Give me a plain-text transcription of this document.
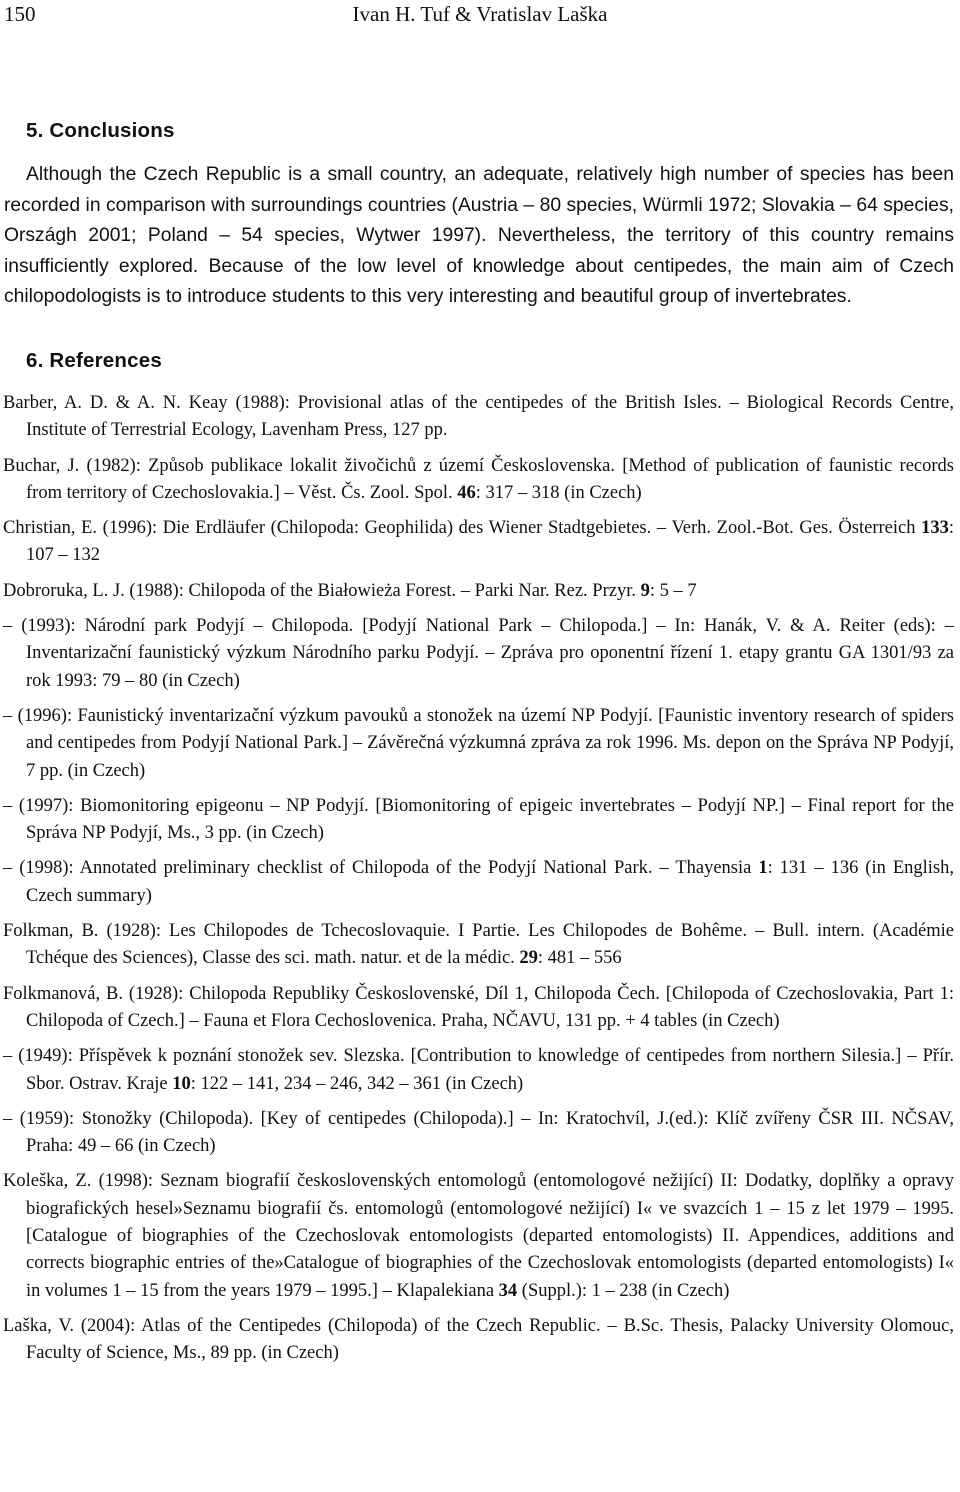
150	Ivan H. Tuf & Vratislav Laška
5. Conclusions

Although the Czech Republic is a small country, an adequate, relatively high number of species has been recorded in comparison with surroundings countries (Austria – 80 species, Würmli 1972; Slovakia – 64 species, Országh 2001; Poland – 54 species, Wytwer 1997). Nevertheless, the territory of this country remains insufficiently explored. Because of the low level of knowledge about centipedes, the main aim of Czech chilopodologists is to introduce students to this very interesting and beautiful group of invertebrates.

6. References

Barber, A. D. & A. N. Keay (1988): Provisional atlas of the centipedes of the British Isles. – Biological Records Centre, Institute of Terrestrial Ecology, Lavenham Press, 127 pp.

Buchar, J. (1982): Způsob publikace lokalit živočichů z území Československa. [Method of publication of faunistic records from territory of Czechoslovakia.] – Věst. Čs. Zool. Spol. 46: 317 – 318 (in Czech)

Christian, E. (1996): Die Erdläufer (Chilopoda: Geophilida) des Wiener Stadtgebietes. – Verh. Zool.-Bot. Ges. Österreich 133: 107 – 132

Dobroruka, L. J. (1988): Chilopoda of the Białowieża Forest. – Parki Nar. Rez. Przyr. 9: 5 – 7

– (1993): Národní park Podyjí – Chilopoda. [Podyjí National Park – Chilopoda.] – In: Hanák, V. & A. Reiter (eds): – Inventarizační faunistický výzkum Národního parku Podyjí. – Zpráva pro oponentní řízení 1. etapy grantu GA 1301/93 za rok 1993: 79 – 80 (in Czech)

– (1996): Faunistický inventarizační výzkum pavouků a stonožek na území NP Podyjí. [Faunistic inventory research of spiders and centipedes from Podyjí National Park.] – Závěrečná výzkumná zpráva za rok 1996. Ms. depon on the Správa NP Podyjí, 7 pp. (in Czech)

– (1997): Biomonitoring epigeonu – NP Podyjí. [Biomonitoring of epigeic invertebrates – Podyjí NP.] – Final report for the Správa NP Podyjí, Ms., 3 pp. (in Czech)

– (1998): Annotated preliminary checklist of Chilopoda of the Podyjí National Park. – Thayensia 1: 131 – 136 (in English, Czech summary)

Folkman, B. (1928): Les Chilopodes de Tchecoslovaquie. I Partie. Les Chilopodes de Bohême. – Bull. intern. (Académie Tchéque des Sciences), Classe des sci. math. natur. et de la médic. 29: 481 – 556

Folkmanová, B. (1928): Chilopoda Republiky Československé, Díl 1, Chilopoda Čech. [Chilopoda of Czechoslovakia, Part 1: Chilopoda of Czech.] – Fauna et Flora Cechoslovenica. Praha, NČAVU, 131 pp. + 4 tables (in Czech)

– (1949): Příspěvek k poznání stonožek sev. Slezska. [Contribution to knowledge of centipedes from northern Silesia.] – Přír. Sbor. Ostrav. Kraje 10: 122 – 141, 234 – 246, 342 – 361 (in Czech)

– (1959): Stonožky (Chilopoda). [Key of centipedes (Chilopoda).] – In: Kratochvíl, J.(ed.): Klíč zvířeny ČSR III. NČSAV, Praha: 49 – 66 (in Czech)

Koleška, Z. (1998): Seznam biografií československých entomologů (entomologové nežijící) II: Dodatky, doplňky a opravy biografických hesel»Seznamu biografií čs. entomologů (entomologové nežijící) I« ve svazcích 1 – 15 z let 1979 – 1995. [Catalogue of biographies of the Czechoslovak entomologists (departed entomologists) II. Appendices, additions and corrects biographic entries of the»Catalogue of biographies of the Czechoslovak entomologists (departed entomologists) I« in volumes 1 – 15 from the years 1979 – 1995.] – Klapalekiana 34 (Suppl.): 1 – 238 (in Czech)

Laška, V. (2004): Atlas of the Centipedes (Chilopoda) of the Czech Republic. – B.Sc. Thesis, Palacky University Olomouc, Faculty of Science, Ms., 89 pp. (in Czech)
